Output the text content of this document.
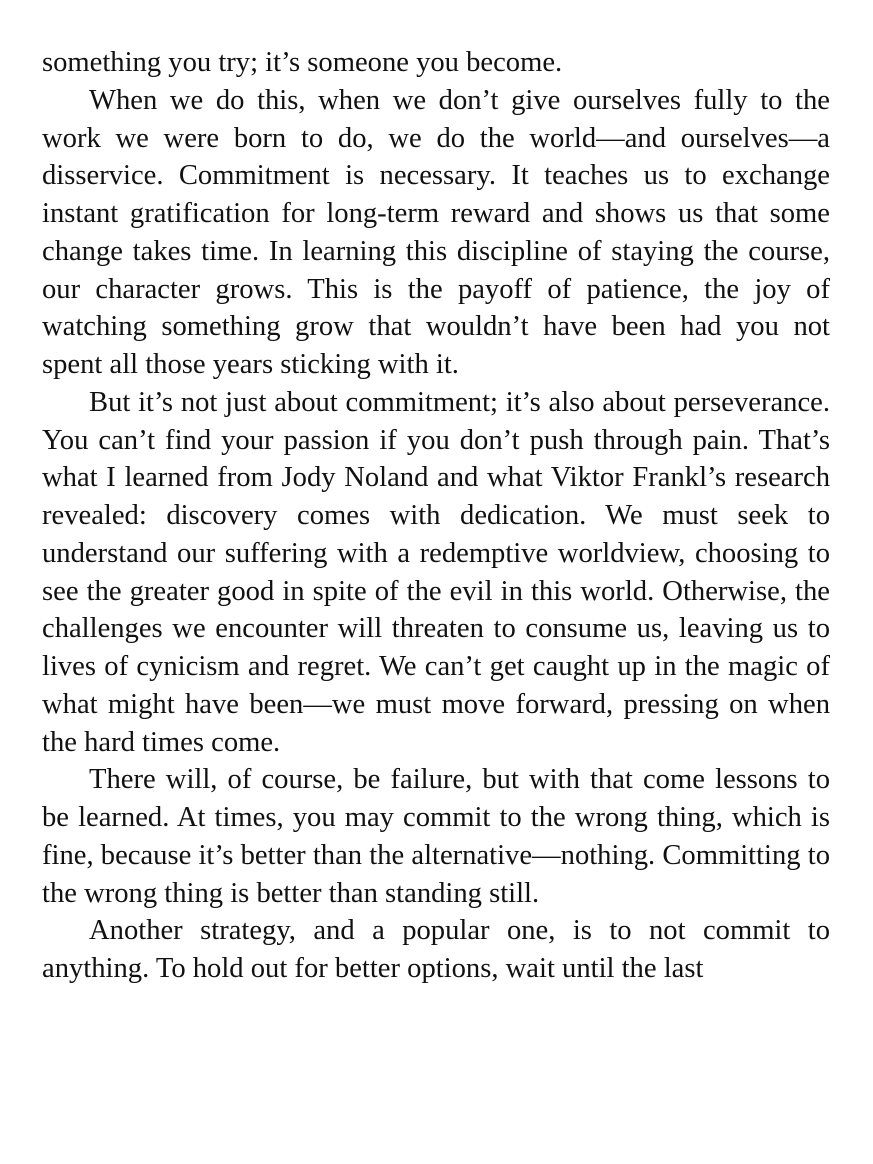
something you try; it’s someone you become.

When we do this, when we don’t give ourselves fully to the work we were born to do, we do the world—and ourselves—a disservice. Commitment is necessary. It teaches us to exchange instant gratification for long-term reward and shows us that some change takes time. In learning this discipline of staying the course, our character grows. This is the payoff of patience, the joy of watching something grow that wouldn’t have been had you not spent all those years sticking with it.

But it’s not just about commitment; it’s also about perseverance. You can’t find your passion if you don’t push through pain. That’s what I learned from Jody Noland and what Viktor Frankl’s research revealed: discovery comes with dedication. We must seek to understand our suffering with a redemptive worldview, choosing to see the greater good in spite of the evil in this world. Otherwise, the challenges we encounter will threaten to consume us, leaving us to lives of cynicism and regret. We can’t get caught up in the magic of what might have been—we must move forward, pressing on when the hard times come.

There will, of course, be failure, but with that come lessons to be learned. At times, you may commit to the wrong thing, which is fine, because it’s better than the alternative—nothing. Committing to the wrong thing is better than standing still.

Another strategy, and a popular one, is to not commit to anything. To hold out for better options, wait until the last
